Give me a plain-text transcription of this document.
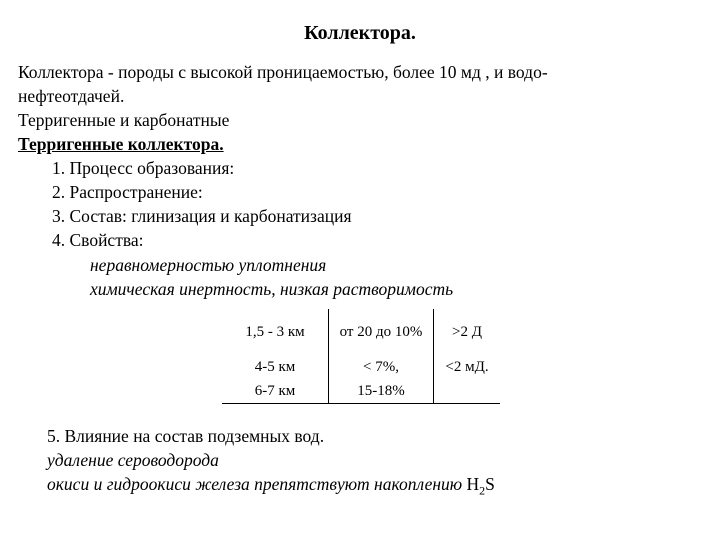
Коллектора.
Коллектора - породы с высокой проницаемостью, более 10 мд , и водо-
нефтеотдачей.
Терригенные и карбонатные
Терригенные коллектора.
1. Процесс образования:
2. Распространение:
3. Состав: глинизация и карбонатизация
4. Свойства:
неравномерностью уплотнения
химическая инертность, низкая растворимость
1,5 - 3 км	от 20 до 10%	>2 Д
4-5 км	< 7%,	<2 мД.
6-7 км	15-18%	
5. Влияние на состав подземных вод.
удаление сероводорода
окиси и гидроокиси железа препятствуют накоплению $H_2S$
